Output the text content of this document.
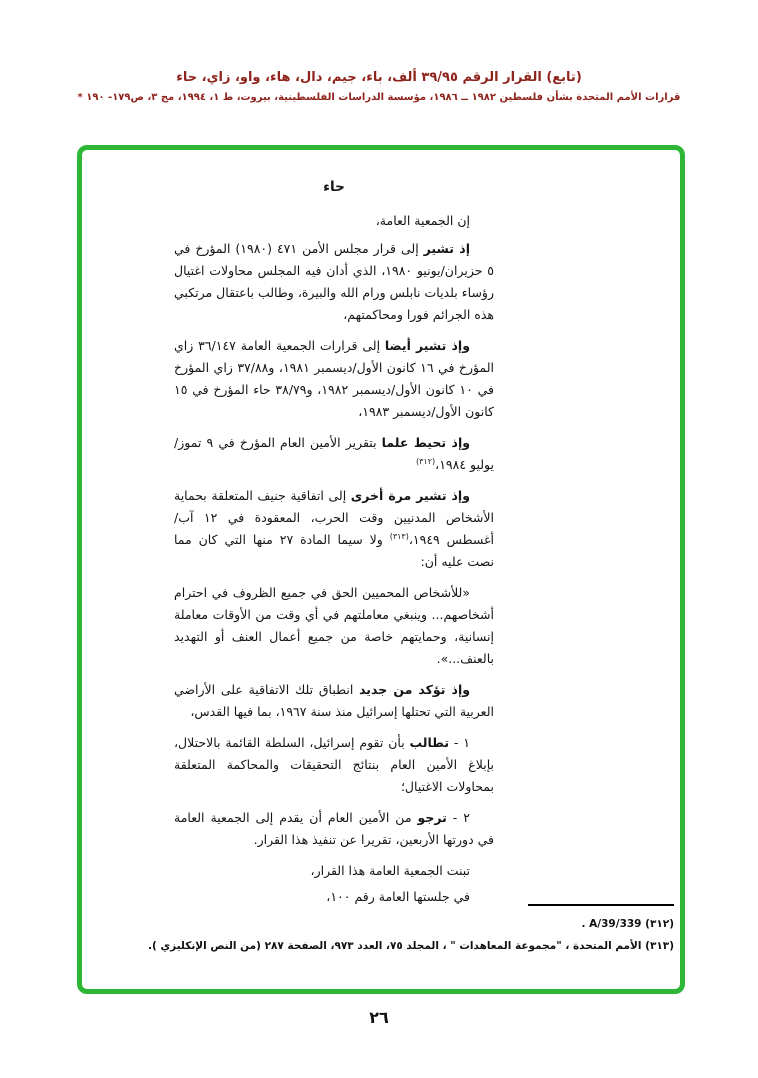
(تابع) القرار الرقم ٣٩/٩٥ ألف، باء، جيم، دال، هاء، واو، زاي، حاء
قرارات الأمم المتحدة بشأن فلسطين ١٩٨٢ ــ ١٩٨٦، مؤسسة الدراسات الفلسطينية، بيروت، ط ١، ١٩٩٤، مج ٣، ص١٧٩- ١٩٠ *
حاء

إن الجمعية العامة،

إذ تشير إلى قرار مجلس الأمن ٤٧١ (١٩٨٠) المؤرخ في ٥ حزيران/يونيو ١٩٨٠، الذي أدان فيه المجلس محاولات اغتيال رؤساء بلديات نابلس ورام الله والبيرة، وطالب باعتقال مرتكبي هذه الجرائم فورا ومحاكمتهم،

وإذ تشير أيضا إلى قرارات الجمعية العامة ٣٦/١٤٧ زاي المؤرخ في ١٦ كانون الأول/ديسمبر ١٩٨١، و٣٧/٨٨ زاي المؤرخ في ١٠ كانون الأول/ديسمبر ١٩٨٢، و٣٨/٧٩ حاء المؤرخ في ١٥ كانون الأول/ديسمبر ١٩٨٣،

وإذ تحيط علما بتقرير الأمين العام المؤرخ في ٩ تموز/يوليو ١٩٨٤،$^{(٣١٢)}$

وإذ تشير مرة أخرى إلى اتفاقية جنيف المتعلقة بحماية الأشخاص المدنيين وقت الحرب، المعقودة في ١٢ آب/أغسطس ١٩٤٩،$^{(٣١٣)}$ ولا سيما المادة ٢٧ منها التي كان مما نصت عليه أن:

«للأشخاص المحميين الحق في جميع الظروف في احترام أشخاصهم... وينبغي معاملتهم في أي وقت من الأوقات معاملة إنسانية، وحمايتهم خاصة من جميع أعمال العنف أو التهديد بالعنف...».

وإذ تؤكد من جديد انطباق تلك الاتفاقية على الأراضي العربية التي تحتلها إسرائيل منذ سنة ١٩٦٧، بما فيها القدس،

١ - تطالب بأن تقوم إسرائيل، السلطة القائمة بالاحتلال، بإبلاغ الأمين العام بنتائج التحقيقات والمحاكمة المتعلقة بمحاولات الاغتيال؛

٢ - ترجو من الأمين العام أن يقدم إلى الجمعية العامة في دورتها الأربعين، تقريرا عن تنفيذ هذا القرار.

تبنت الجمعية العامة هذا القرار،

في جلستها العامة رقم ١٠٠،

(٣١٢) A/39/339 .

(٣١٣) الأمم المتحدة ، "مجموعة المعاهدات " ، المجلد ٧٥، العدد ٩٧٣، الصفحة ٢٨٧ (من النص الإنكليزي ).

٢٦
